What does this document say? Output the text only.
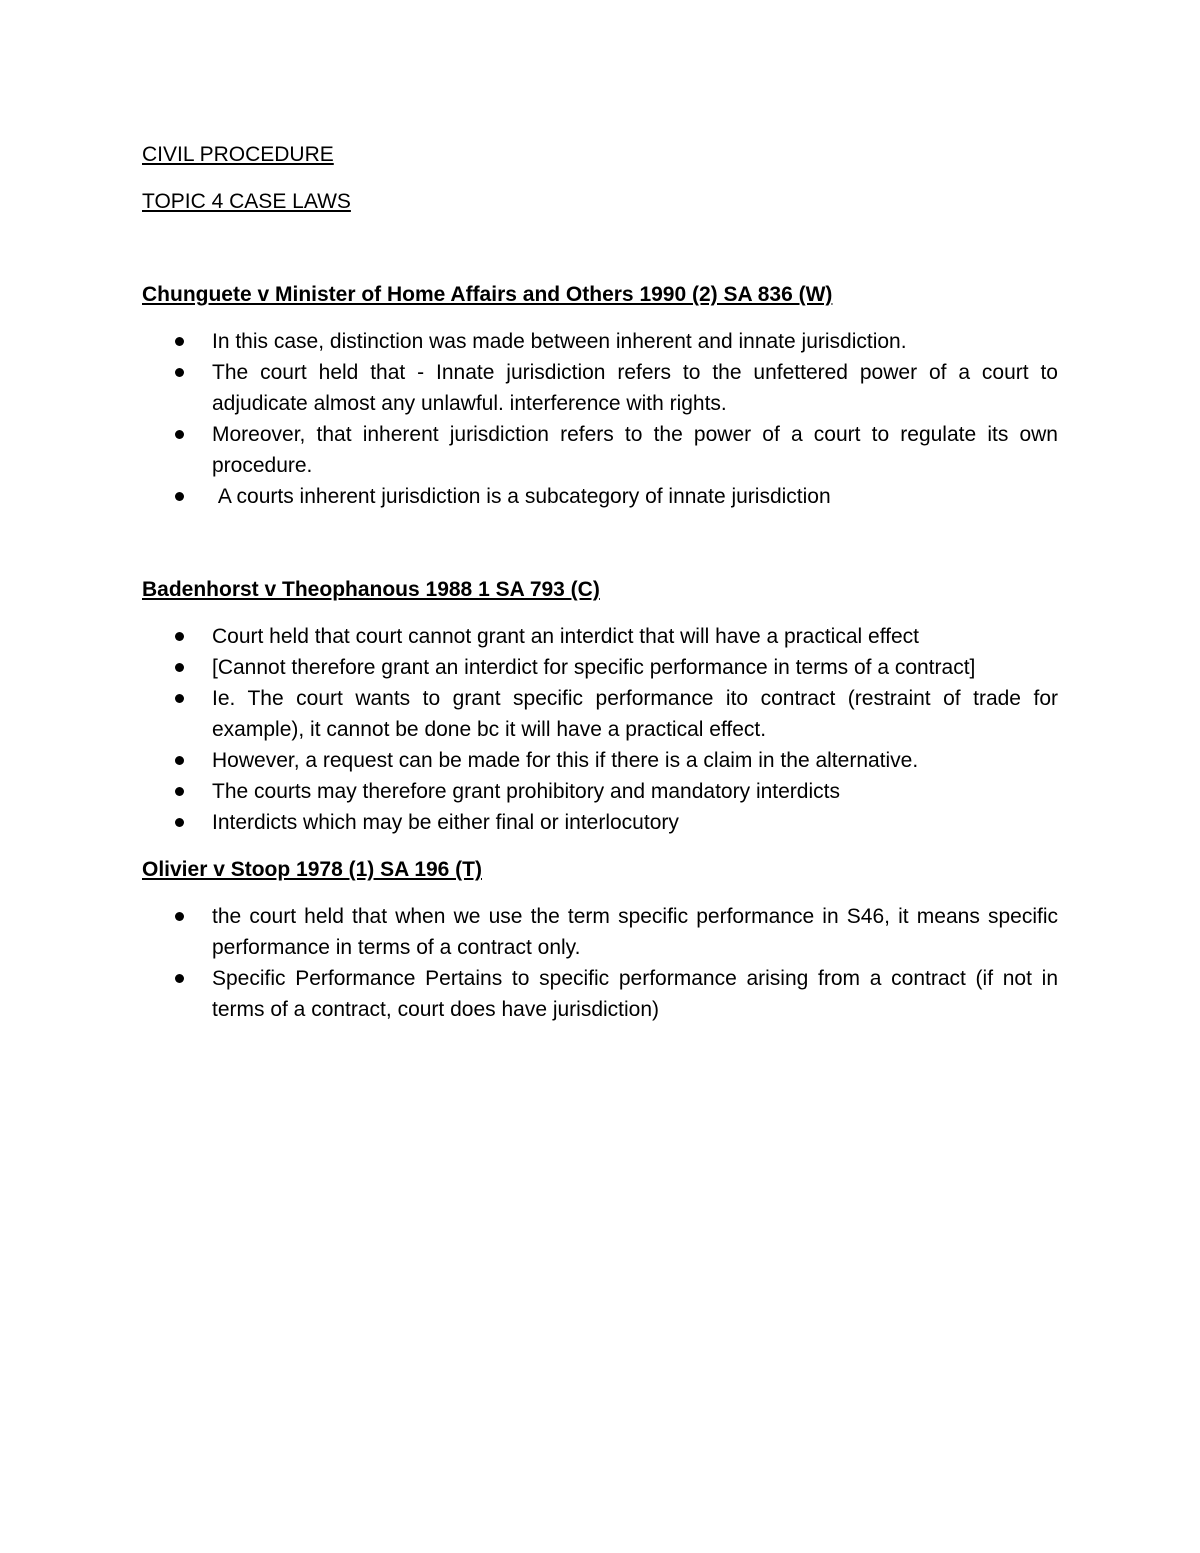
CIVIL PROCEDURE

TOPIC 4 CASE LAWS

Chunguete v Minister of Home Affairs and Others 1990 (2) SA 836 (W)

In this case, distinction was made between inherent and innate jurisdiction.
The court held that - Innate jurisdiction refers to the unfettered power of a court to adjudicate almost any unlawful. interference with rights.
Moreover, that inherent jurisdiction refers to the power of a court to regulate its own procedure.
A courts inherent jurisdiction is a subcategory of innate jurisdiction

Badenhorst v Theophanous 1988 1 SA 793 (C)

Court held that court cannot grant an interdict that will have a practical effect
[Cannot therefore grant an interdict for specific performance in terms of a contract]
Ie. The court wants to grant specific performance ito contract (restraint of trade for example), it cannot be done bc it will have a practical effect.
However, a request can be made for this if there is a claim in the alternative.
The courts may therefore grant prohibitory and mandatory interdicts
Interdicts which may be either final or interlocutory

Olivier v Stoop 1978 (1) SA 196 (T)

the court held that when we use the term specific performance in S46, it means specific performance in terms of a contract only.
Specific Performance Pertains to specific performance arising from a contract (if not in terms of a contract, court does have jurisdiction)
